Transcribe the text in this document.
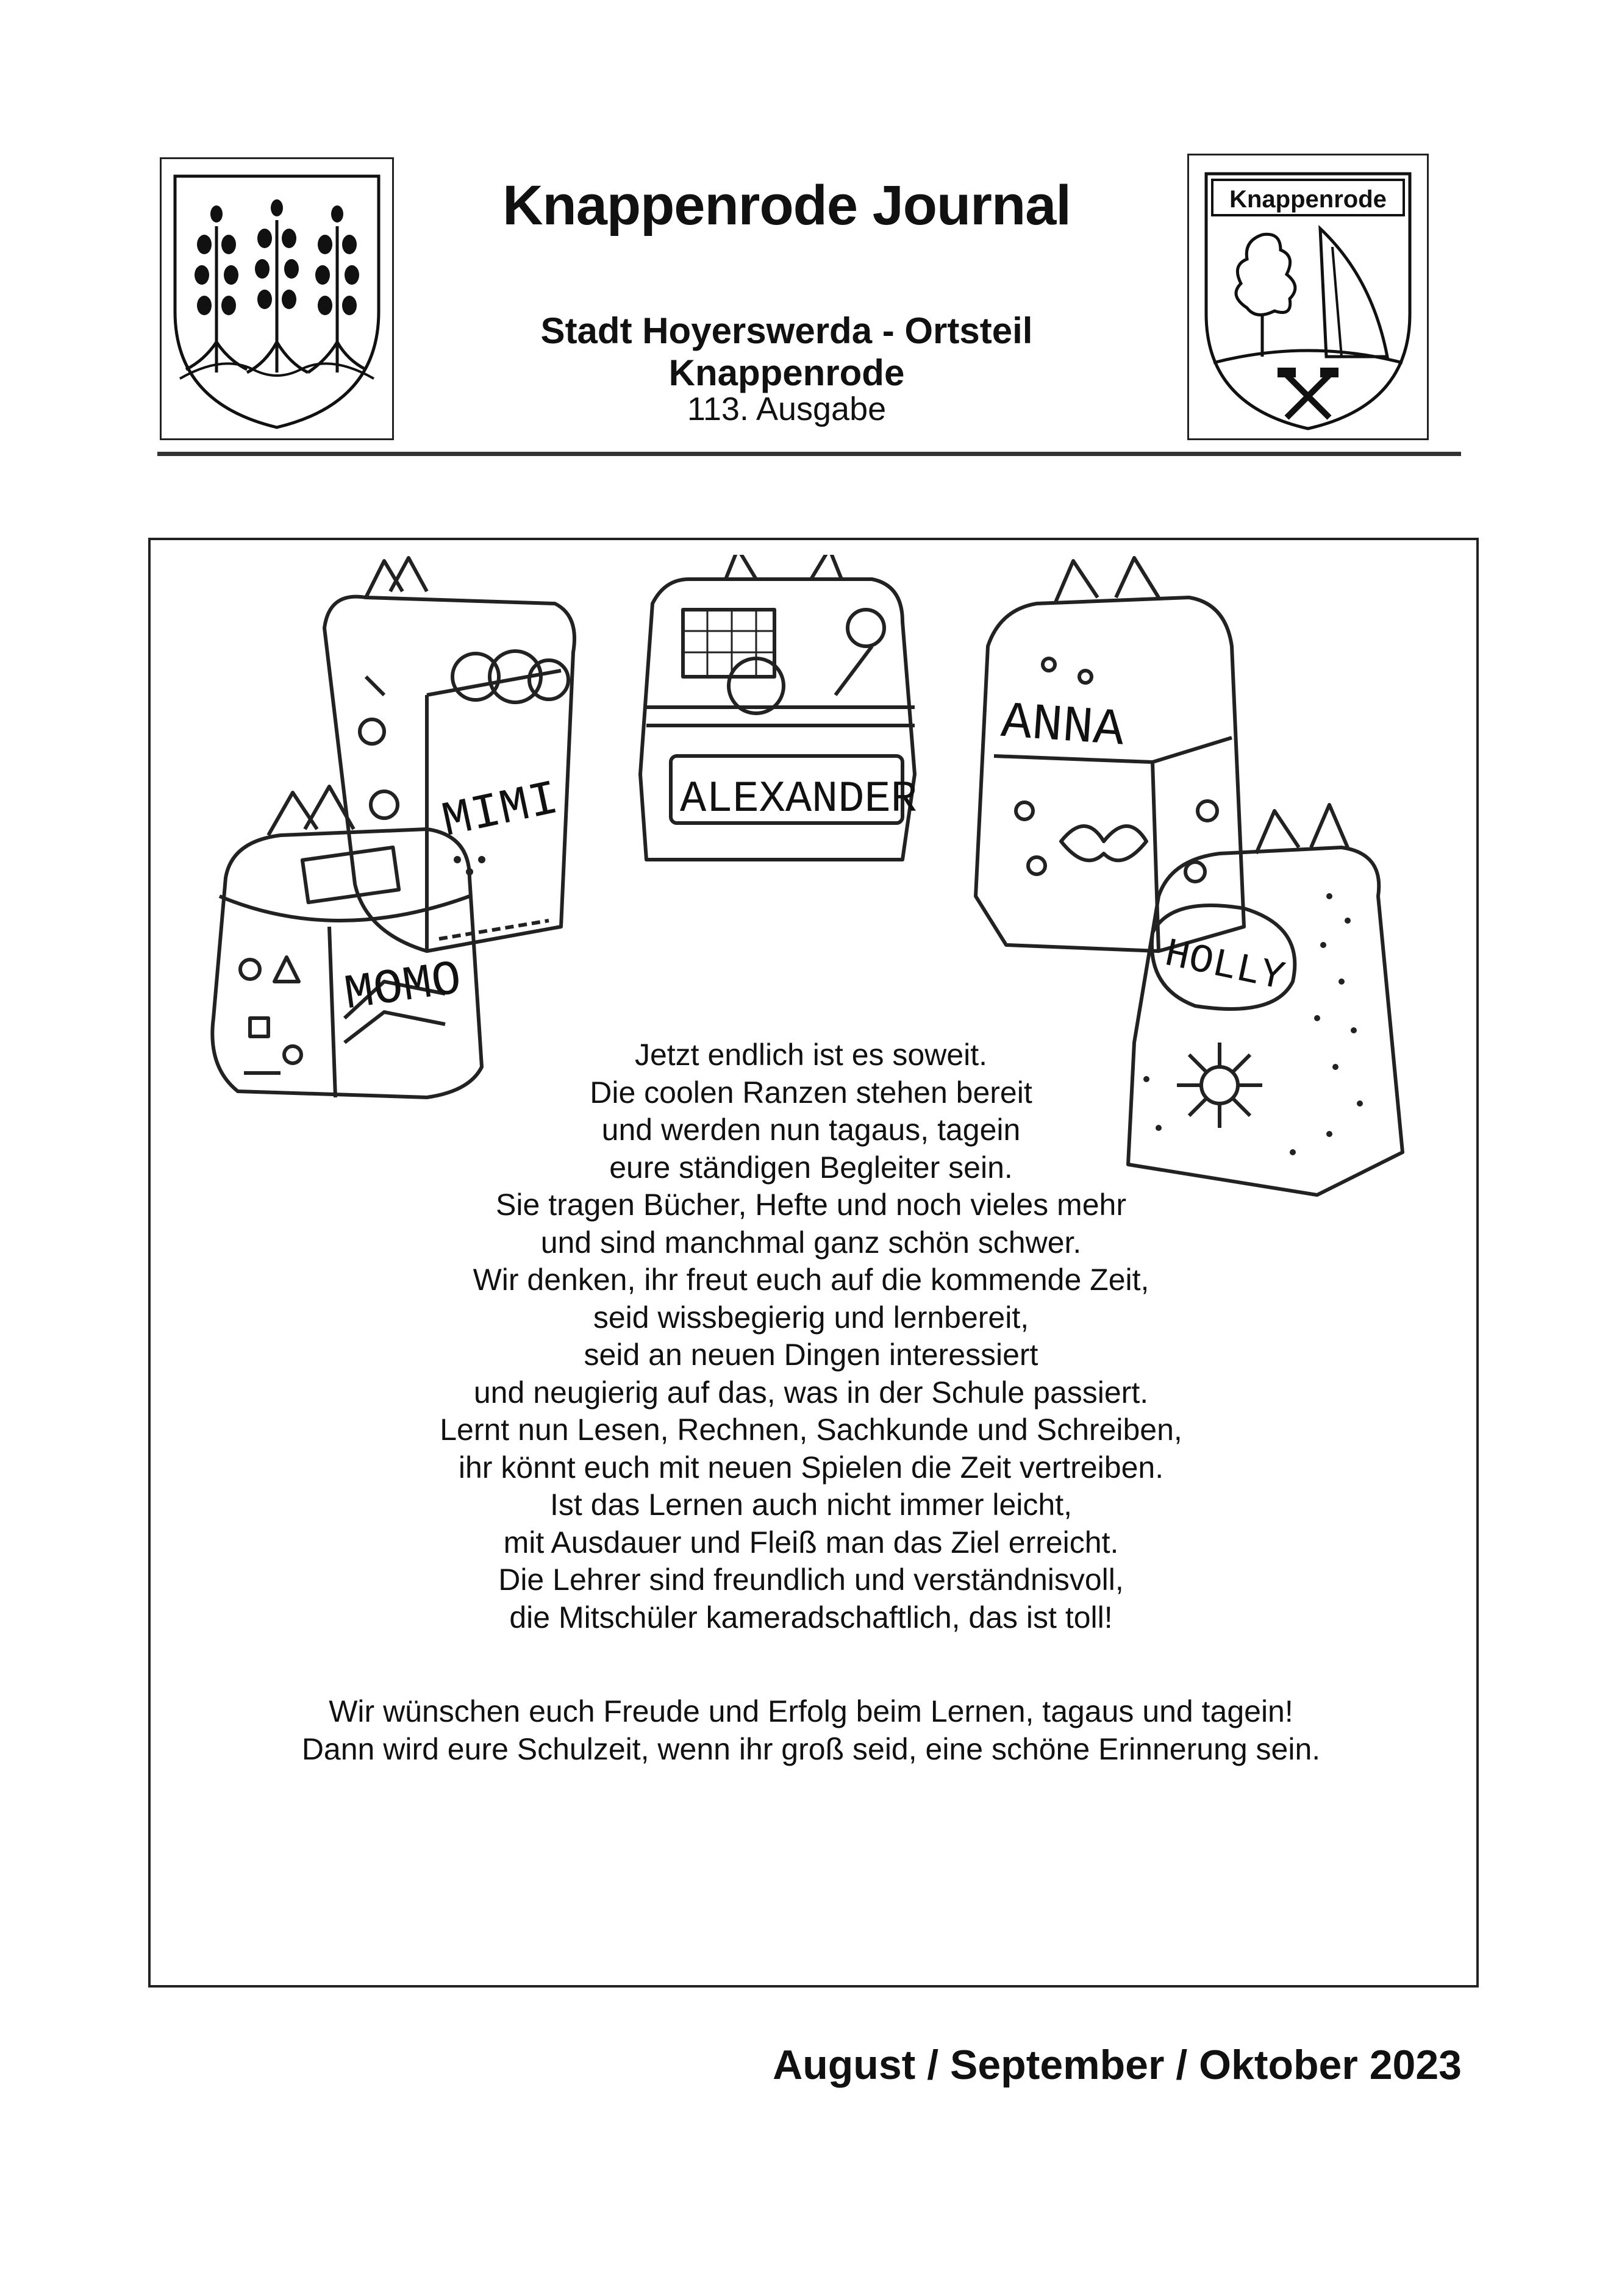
Knappenrode Journal
Stadt Hoyerswerda - Ortsteil Knappenrode
113. Ausgabe
Knappenrode
MIMI	ALEXANDER
ANNA
MOMO	HOLLY
Jetzt endlich ist es soweit.
Die coolen Ranzen stehen bereit
und werden nun tagaus, tagein
eure ständigen Begleiter sein.
Sie tragen Bücher, Hefte und noch vieles mehr
und sind manchmal ganz schön schwer.
Wir denken, ihr freut euch auf die kommende Zeit,
seid wissbegierig und lernbereit,
seid an neuen Dingen interessiert
und neugierig auf das, was in der Schule passiert.
Lernt nun Lesen, Rechnen, Sachkunde und Schreiben,
ihr könnt euch mit neuen Spielen die Zeit vertreiben.
Ist das Lernen auch nicht immer leicht,
mit Ausdauer und Fleiß man das Ziel erreicht.
Die Lehrer sind freundlich und verständnisvoll,
die Mitschüler kameradschaftlich, das ist toll!
Wir wünschen euch Freude und Erfolg beim Lernen, tagaus und tagein!
Dann wird eure Schulzeit, wenn ihr groß seid, eine schöne Erinnerung sein.
August / September / Oktober 2023
